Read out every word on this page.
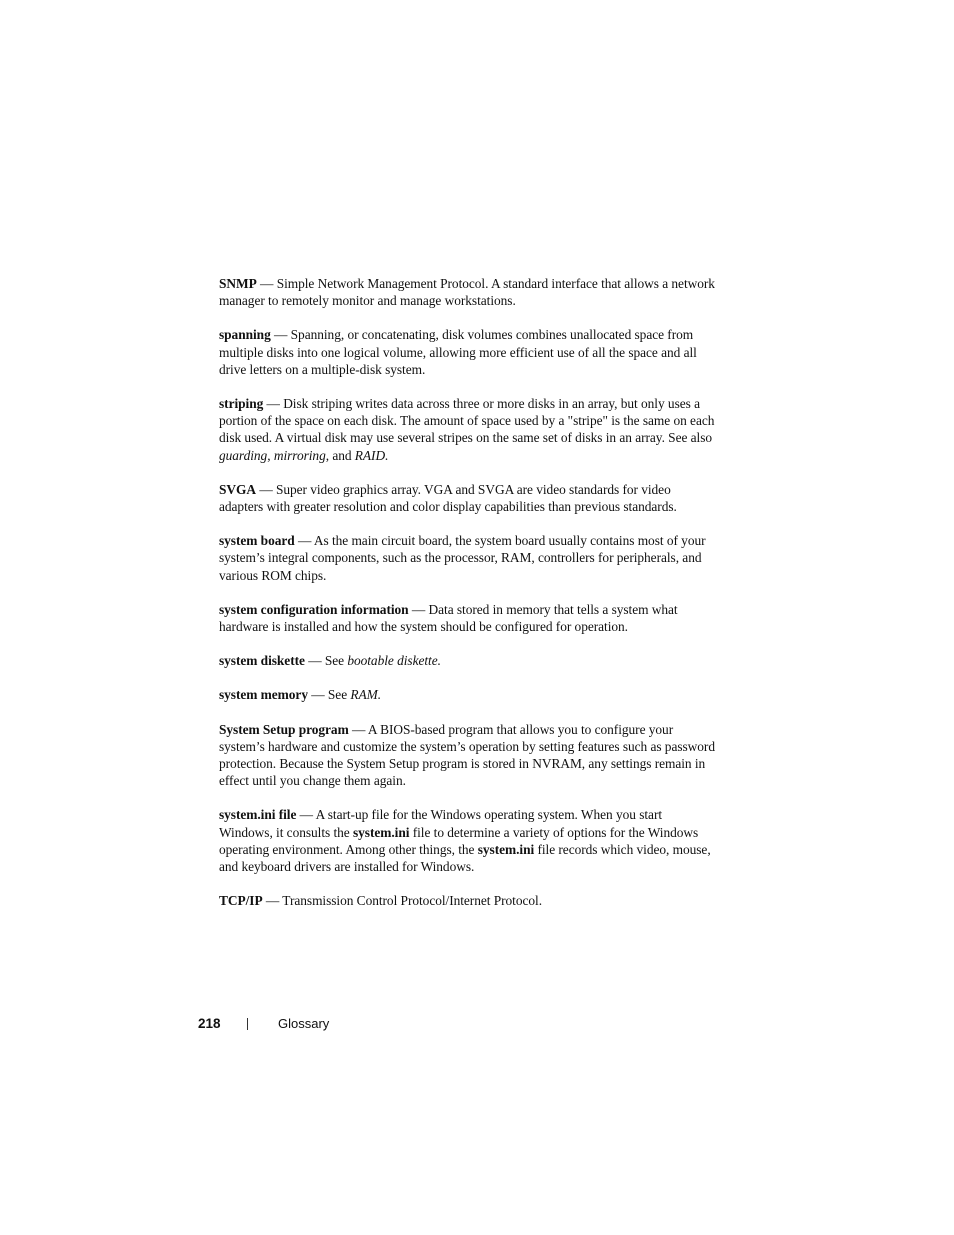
SNMP — Simple Network Management Protocol. A standard interface that allows a network manager to remotely monitor and manage workstations.

spanning — Spanning, or concatenating, disk volumes combines unallocated space from multiple disks into one logical volume, allowing more efficient use of all the space and all drive letters on a multiple-disk system.

striping — Disk striping writes data across three or more disks in an array, but only uses a portion of the space on each disk. The amount of space used by a "stripe" is the same on each disk used. A virtual disk may use several stripes on the same set of disks in an array. See also guarding, mirroring, and RAID.

SVGA — Super video graphics array. VGA and SVGA are video standards for video adapters with greater resolution and color display capabilities than previous standards.

system board — As the main circuit board, the system board usually contains most of your system’s integral components, such as the processor, RAM, controllers for peripherals, and various ROM chips.

system configuration information — Data stored in memory that tells a system what hardware is installed and how the system should be configured for operation.

system diskette — See bootable diskette.

system memory — See RAM.

System Setup program — A BIOS-based program that allows you to configure your system’s hardware and customize the system’s operation by setting features such as password protection. Because the System Setup program is stored in NVRAM, any settings remain in effect until you change them again.

system.ini file — A start-up file for the Windows operating system. When you start Windows, it consults the system.ini file to determine a variety of options for the Windows operating environment. Among other things, the system.ini file records which video, mouse, and keyboard drivers are installed for Windows.

TCP/IP — Transmission Control Protocol/Internet Protocol.

218	Glossary
